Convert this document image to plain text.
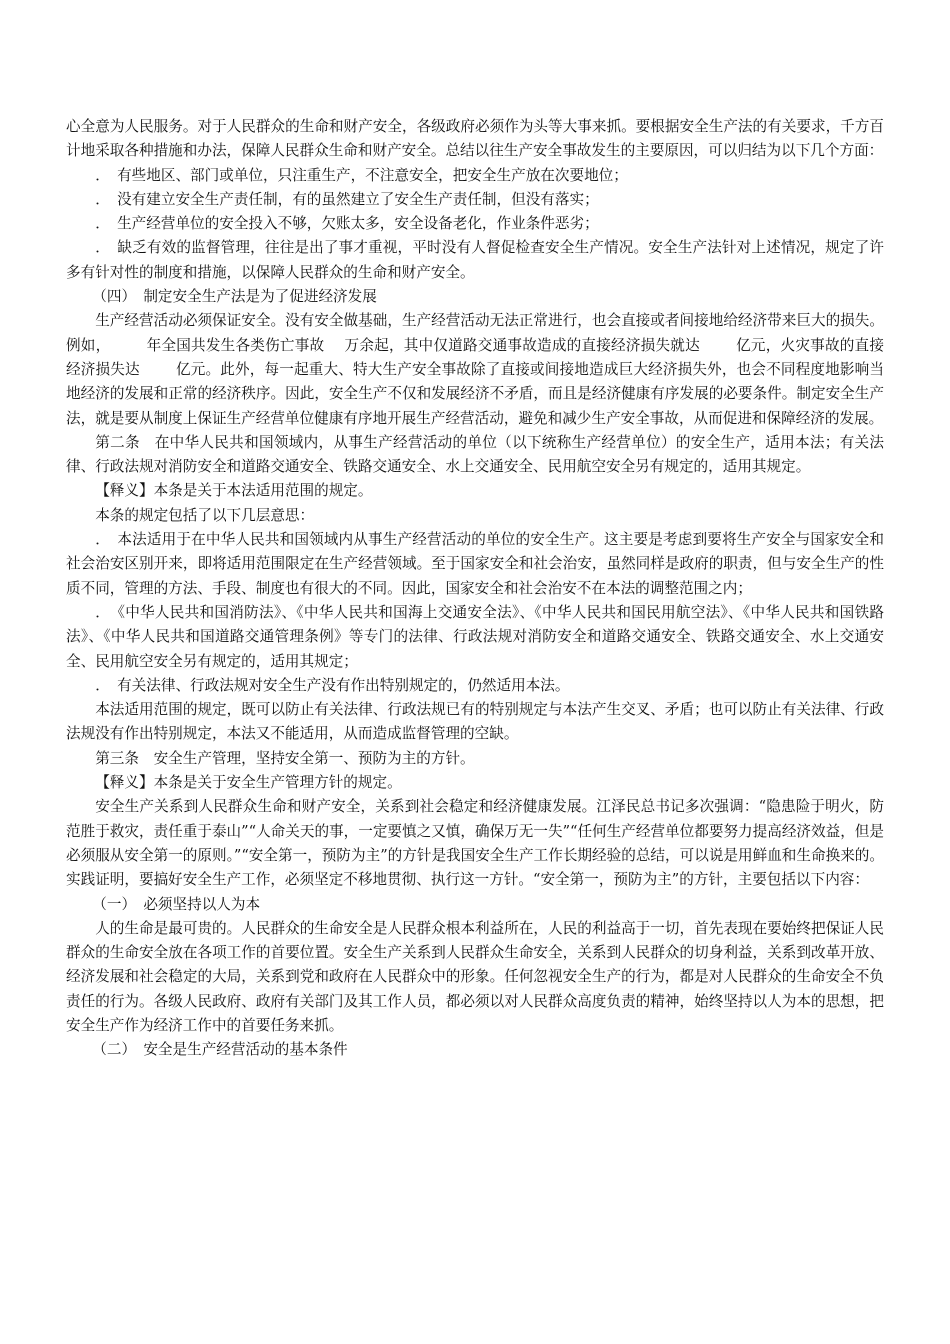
心全意为人民服务。对于人民群众的生命和财产安全，各级政府必须作为头等大事来抓。要根据安全生产法的有关要求，千方百计地采取各种措施和办法，保障人民群众生命和财产安全。总结以往生产安全事故发生的主要原因，可以归结为以下几个方面：

．　有些地区、部门或单位，只注重生产，不注意安全，把安全生产放在次要地位；

．　没有建立安全生产责任制，有的虽然建立了安全生产责任制，但没有落实；

．　生产经营单位的安全投入不够，欠账太多，安全设备老化，作业条件恶劣；

．　缺乏有效的监督管理，往往是出了事才重视，平时没有人督促检查安全生产情况。安全生产法针对上述情况，规定了许多有针对性的制度和措施，以保障人民群众的生命和财产安全。

（四）　制定安全生产法是为了促进经济发展

生产经营活动必须保证安全。没有安全做基础，生产经营活动无法正常进行，也会直接或者间接地给经济带来巨大的损失。例如， 年全国共发生各类伤亡事故 万余起，其中仅道路交通事故造成的直接经济损失就达 亿元，火灾事故的直接经济损失达 亿元。此外，每一起重大、特大生产安全事故除了直接或间接地造成巨大经济损失外，也会不同程度地影响当地经济的发展和正常的经济秩序。因此，安全生产不仅和发展经济不矛盾，而且是经济健康有序发展的必要条件。制定安全生产法，就是要从制度上保证生产经营单位健康有序地开展生产经营活动，避免和减少生产安全事故，从而促进和保障经济的发展。

第二条　在中华人民共和国领域内，从事生产经营活动的单位（以下统称生产经营单位）的安全生产，适用本法；有关法律、行政法规对消防安全和道路交通安全、铁路交通安全、水上交通安全、民用航空安全另有规定的，适用其规定。

【释义】本条是关于本法适用范围的规定。

本条的规定包括了以下几层意思：

．　本法适用于在中华人民共和国领域内从事生产经营活动的单位的安全生产。这主要是考虑到要将生产安全与国家安全和社会治安区别开来，即将适用范围限定在生产经营领域。至于国家安全和社会治安，虽然同样是政府的职责，但与安全生产的性质不同，管理的方法、手段、制度也有很大的不同。因此，国家安全和社会治安不在本法的调整范围之内；

．　《中华人民共和国消防法》、《中华人民共和国海上交通安全法》、《中华人民共和国民用航空法》、《中华人民共和国铁路法》、《中华人民共和国道路交通管理条例》等专门的法律、行政法规对消防安全和道路交通安全、铁路交通安全、水上交通安全、民用航空安全另有规定的，适用其规定；

．　有关法律、行政法规对安全生产没有作出特别规定的，仍然适用本法。

本法适用范围的规定，既可以防止有关法律、行政法规已有的特别规定与本法产生交叉、矛盾；也可以防止有关法律、行政法规没有作出特别规定，本法又不能适用，从而造成监督管理的空缺。

第三条　安全生产管理，坚持安全第一、预防为主的方针。

【释义】本条是关于安全生产管理方针的规定。

安全生产关系到人民群众生命和财产安全，关系到社会稳定和经济健康发展。江泽民总书记多次强调：“隐患险于明火，防范胜于救灾，责任重于泰山”“人命关天的事，一定要慎之又慎，确保万无一失”“任何生产经营单位都要努力提高经济效益，但是必须服从安全第一的原则。”“安全第一，预防为主”的方针是我国安全生产工作长期经验的总结，可以说是用鲜血和生命换来的。实践证明，要搞好安全生产工作，必须坚定不移地贯彻、执行这一方针。“安全第一，预防为主”的方针，主要包括以下内容：

（一）　必须坚持以人为本

人的生命是最可贵的。人民群众的生命安全是人民群众根本利益所在，人民的利益高于一切，首先表现在要始终把保证人民群众的生命安全放在各项工作的首要位置。安全生产关系到人民群众生命安全，关系到人民群众的切身利益，关系到改革开放、经济发展和社会稳定的大局，关系到党和政府在人民群众中的形象。任何忽视安全生产的行为，都是对人民群众的生命安全不负责任的行为。各级人民政府、政府有关部门及其工作人员，都必须以对人民群众高度负责的精神，始终坚持以人为本的思想，把安全生产作为经济工作中的首要任务来抓。

（二）　安全是生产经营活动的基本条件
